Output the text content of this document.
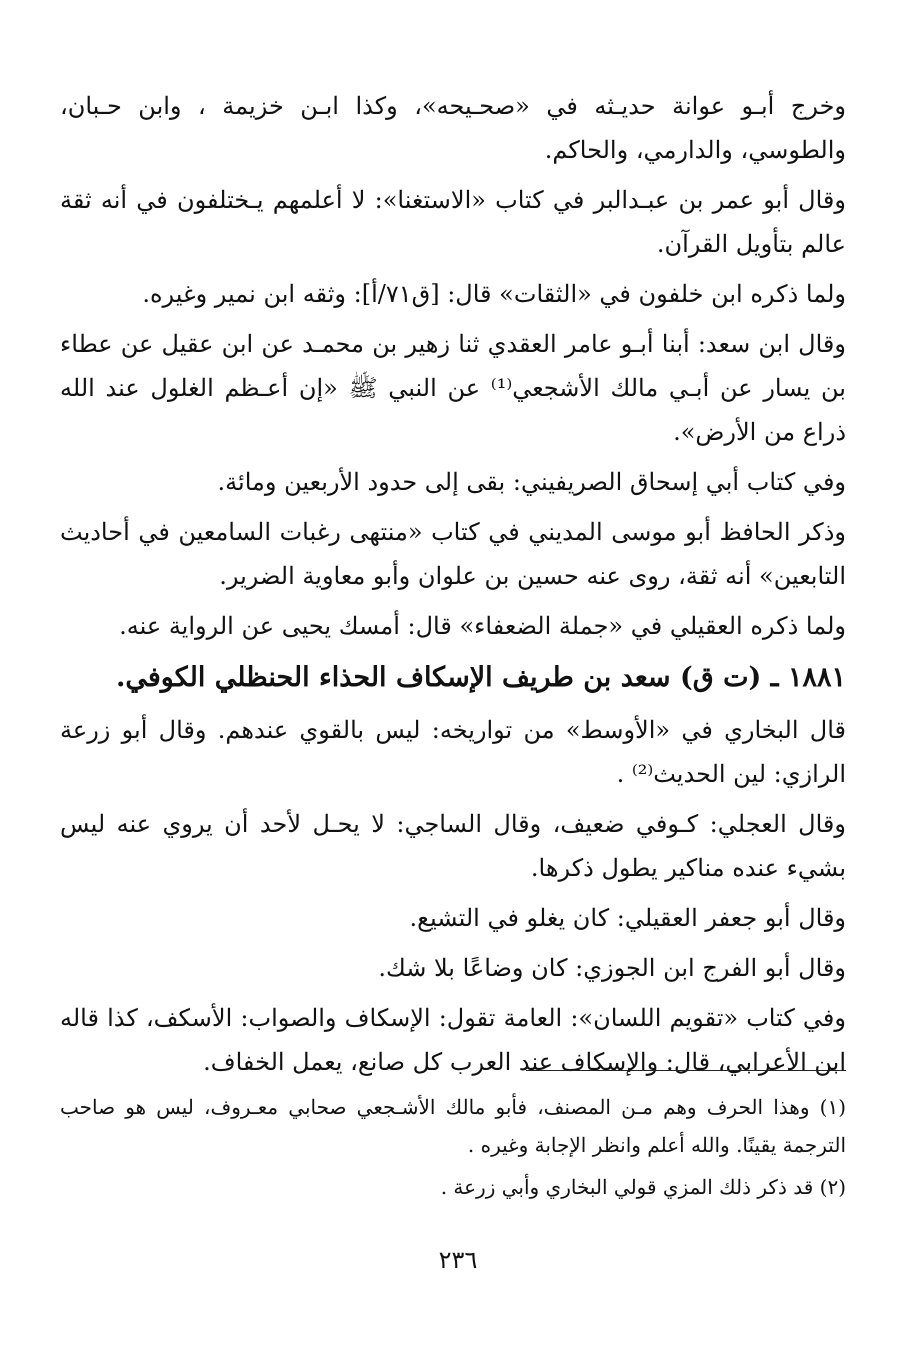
وخرج أبـو عوانة حديـثه في «صحـيحه»، وكذا ابـن خزيمة ، وابن حـبان، والطوسي، والدارمي، والحاكم.

وقال أبو عمر بن عبـدالبر في كتاب «الاستغنا»: لا أعلمهم يـختلفون في أنه ثقة عالم بتأويل القرآن.

ولما ذكره ابن خلفون في «الثقات» قال: [ق٧١/أ]: وثقه ابن نمير وغيره.

وقال ابن سعد: أبنا أبـو عامر العقدي ثنا زهير بن محمـد عن ابن عقيل عن عطاء بن يسار عن أبـي مالك الأشجعي⁽¹⁾ عن النبي ﷺ «إن أعـظم الغلول عند الله ذراع من الأرض».

وفي كتاب أبي إسحاق الصريفيني: بقى إلى حدود الأربعين ومائة.

وذكر الحافظ أبو موسى المديني في كتاب «منتهى رغبات السامعين في أحاديث التابعين» أنه ثقة، روى عنه حسين بن علوان وأبو معاوية الضرير.

ولما ذكره العقيلي في «جملة الضعفاء» قال: أمسك يحيى عن الرواية عنه.

١٨٨١ ـ (ت ق) سعد بن طريف الإسكاف الحذاء الحنظلي الكوفي.

قال البخاري في «الأوسط» من تواريخه: ليس بالقوي عندهم. وقال أبو زرعة الرازي: لين الحديث⁽²⁾ .

وقال العجلي: كـوفي ضعيف، وقال الساجي: لا يحـل لأحد أن يروي عنه ليس بشيء عنده مناكير يطول ذكرها.

وقال أبو جعفر العقيلي: كان يغلو في التشيع.

وقال أبو الفرج ابن الجوزي: كان وضاعًا بلا شك.

وفي كتاب «تقويم اللسان»: العامة تقول: الإسكاف والصواب: الأسكف، كذا قاله ابن الأعرابي، قال: والإسكاف عند العرب كل صانع، يعمل الخفاف.

(١) وهذا الحرف وهم مـن المصنف، فأبو مالك الأشـجعي صحابي معـروف، ليس هو صاحب الترجمة يقينًا. والله أعلم وانظر الإجابة وغيره .

(٢) قد ذكر ذلك المزي قولي البخاري وأبي زرعة .

٢٣٦
